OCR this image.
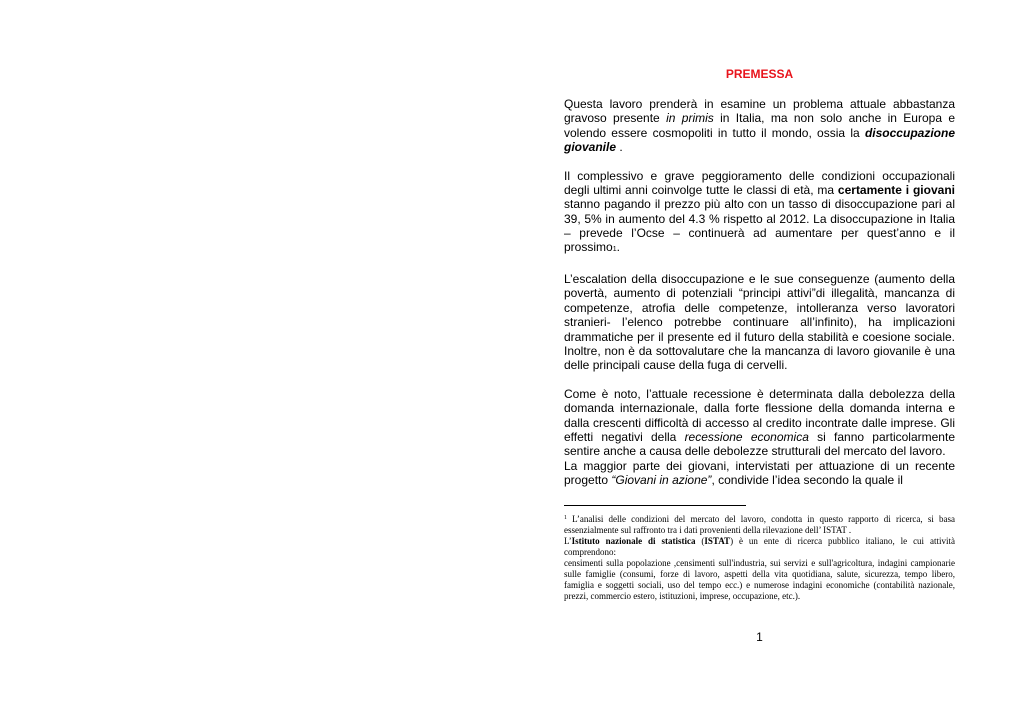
PREMESSA

Questa lavoro prenderà in esamine un problema attuale abbastanza gravoso presente in primis in Italia, ma non solo anche in Europa e volendo essere cosmopoliti in tutto il mondo, ossia la disoccupazione giovanile .

Il complessivo e grave peggioramento delle condizioni occupazionali degli ultimi anni coinvolge tutte le classi di età, ma certamente i giovani stanno pagando il prezzo più alto con un tasso di disoccupazione pari al 39, 5% in aumento del 4.3 % rispetto al 2012. La disoccupazione in Italia – prevede l’Ocse – continuerà ad aumentare per quest’anno e il prossimo1.

L’escalation della disoccupazione e le sue conseguenze (aumento della povertà, aumento di potenziali “principi attivi”di illegalità, mancanza di competenze, atrofia delle competenze, intolleranza verso lavoratori stranieri- l’elenco potrebbe continuare all’infinito), ha implicazioni drammatiche per il presente ed il futuro della stabilità e coesione sociale. Inoltre, non è da sottovalutare che la mancanza di lavoro giovanile è una delle principali cause della fuga di cervelli.

Come è noto, l’attuale recessione è determinata dalla debolezza della domanda internazionale, dalla forte flessione della domanda interna e dalla crescenti difficoltà di accesso al credito incontrate dalle imprese. Gli effetti negativi della recessione economica si fanno particolarmente sentire anche a causa delle debolezze strutturali del mercato del lavoro.

La maggior parte dei giovani, intervistati per attuazione di un recente progetto “Giovani in azione”, condivide l’idea secondo la quale il

$^1$ L’analisi delle condizioni del mercato del lavoro, condotta in questo rapporto di ricerca, si basa essenzialmente sul raffronto tra i dati provenienti della rilevazione dell’ ISTAT .

L’Istituto nazionale di statistica (ISTAT) è un ente di ricerca pubblico italiano, le cui attività comprendono:

censimenti sulla popolazione ,censimenti sull'industria, sui servizi e sull'agricoltura, indagini campionarie sulle famiglie (consumi, forze di lavoro, aspetti della vita quotidiana, salute, sicurezza, tempo libero, famiglia e soggetti sociali, uso del tempo ecc.) e numerose indagini economiche (contabilità nazionale, prezzi, commercio estero, istituzioni, imprese, occupazione, etc.).

1
